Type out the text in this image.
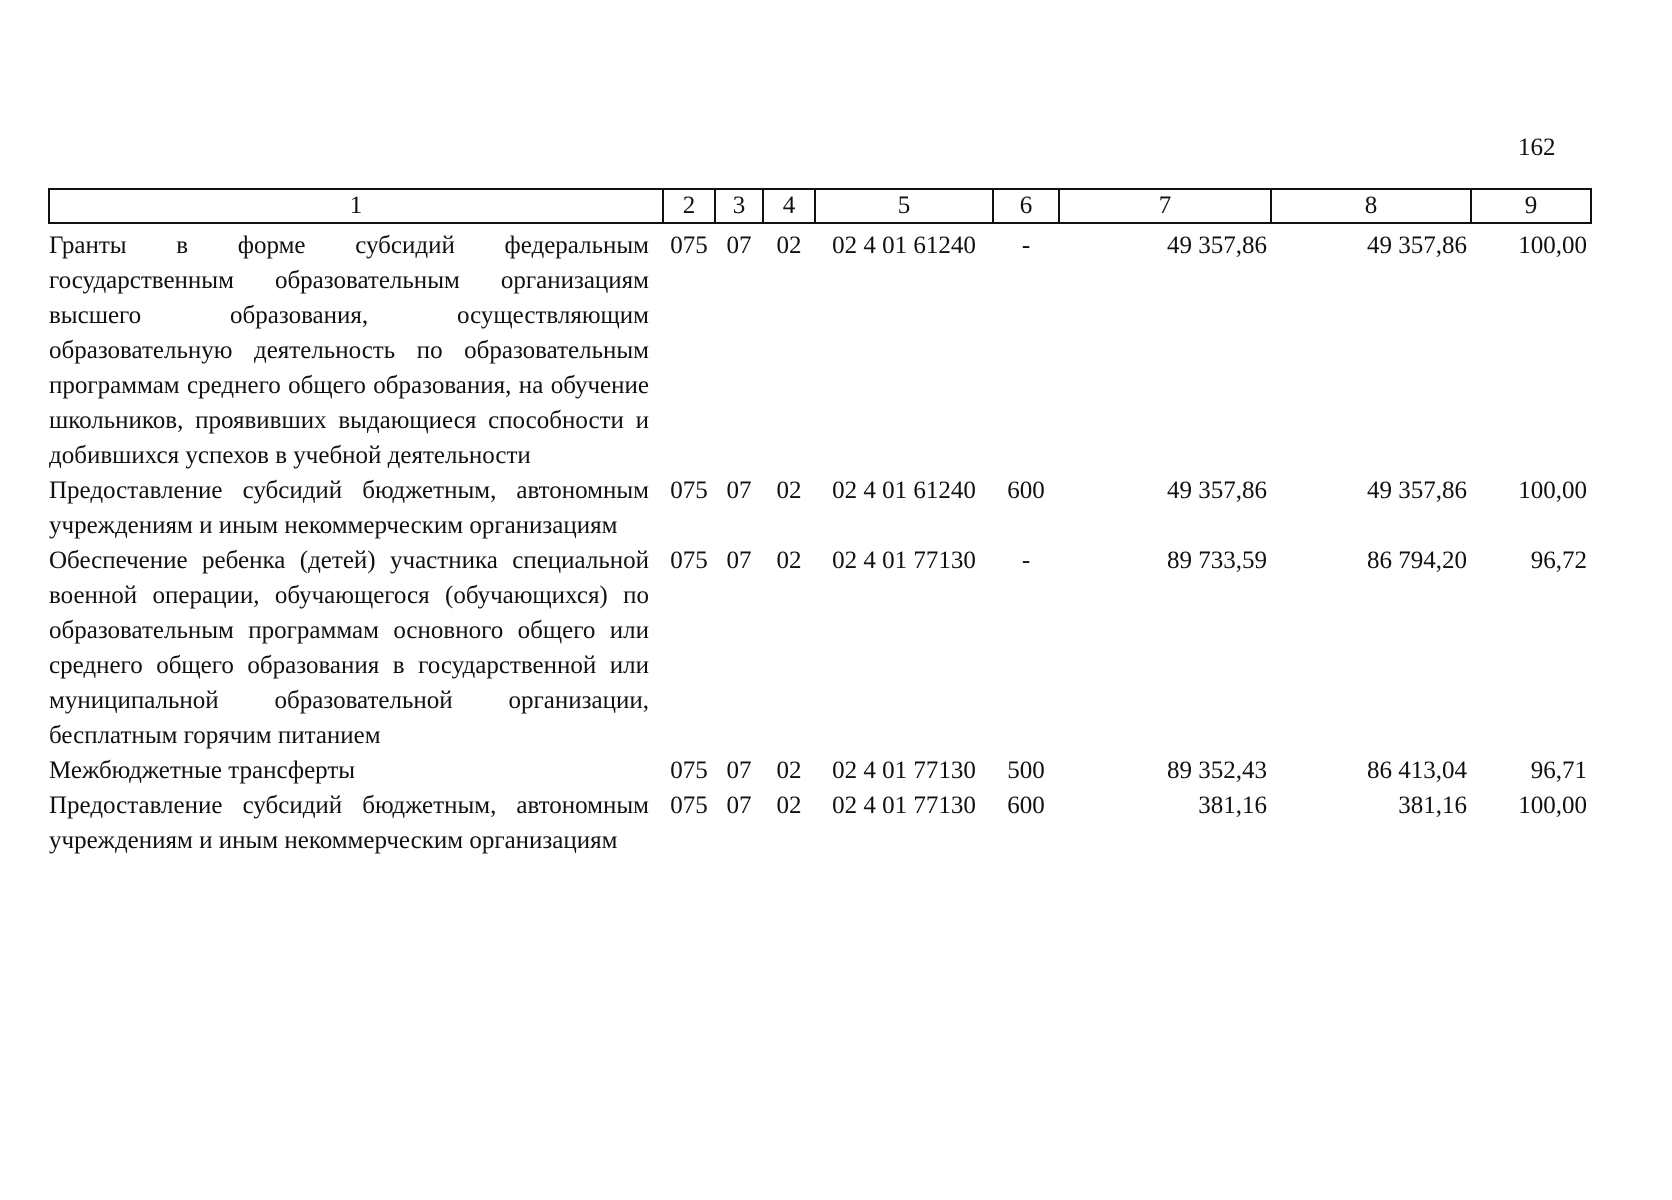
162
1		2	3	4	5	6	7	8	9
Гранты в форме субсидий федеральным государственным образовательным организациям высшего образования, осуществляющим образовательную деятельность по образовательным программам среднего общего образования, на обучение школьников, проявивших выдающиеся способности и добившихся успехов в учебной деятельности		075	07	02	02 4 01 61240	-	49 357,86	49 357,86	100,00
Предоставление субсидий бюджетным, автономным учреждениям и иным некоммерческим организациям		075	07	02	02 4 01 61240	600	49 357,86	49 357,86	100,00
Обеспечение ребенка (детей) участника специальной военной операции, обучающегося (обучающихся) по образовательным программам основного общего или среднего общего образования в государственной или муниципальной образовательной организации, бесплатным горячим питанием		075	07	02	02 4 01 77130	-	89 733,59	86 794,20	96,72
Межбюджетные трансферты		075	07	02	02 4 01 77130	500	89 352,43	86 413,04	96,71
Предоставление субсидий бюджетным, автономным учреждениям и иным некоммерческим организациям		075	07	02	02 4 01 77130	600	381,16	381,16	100,00
